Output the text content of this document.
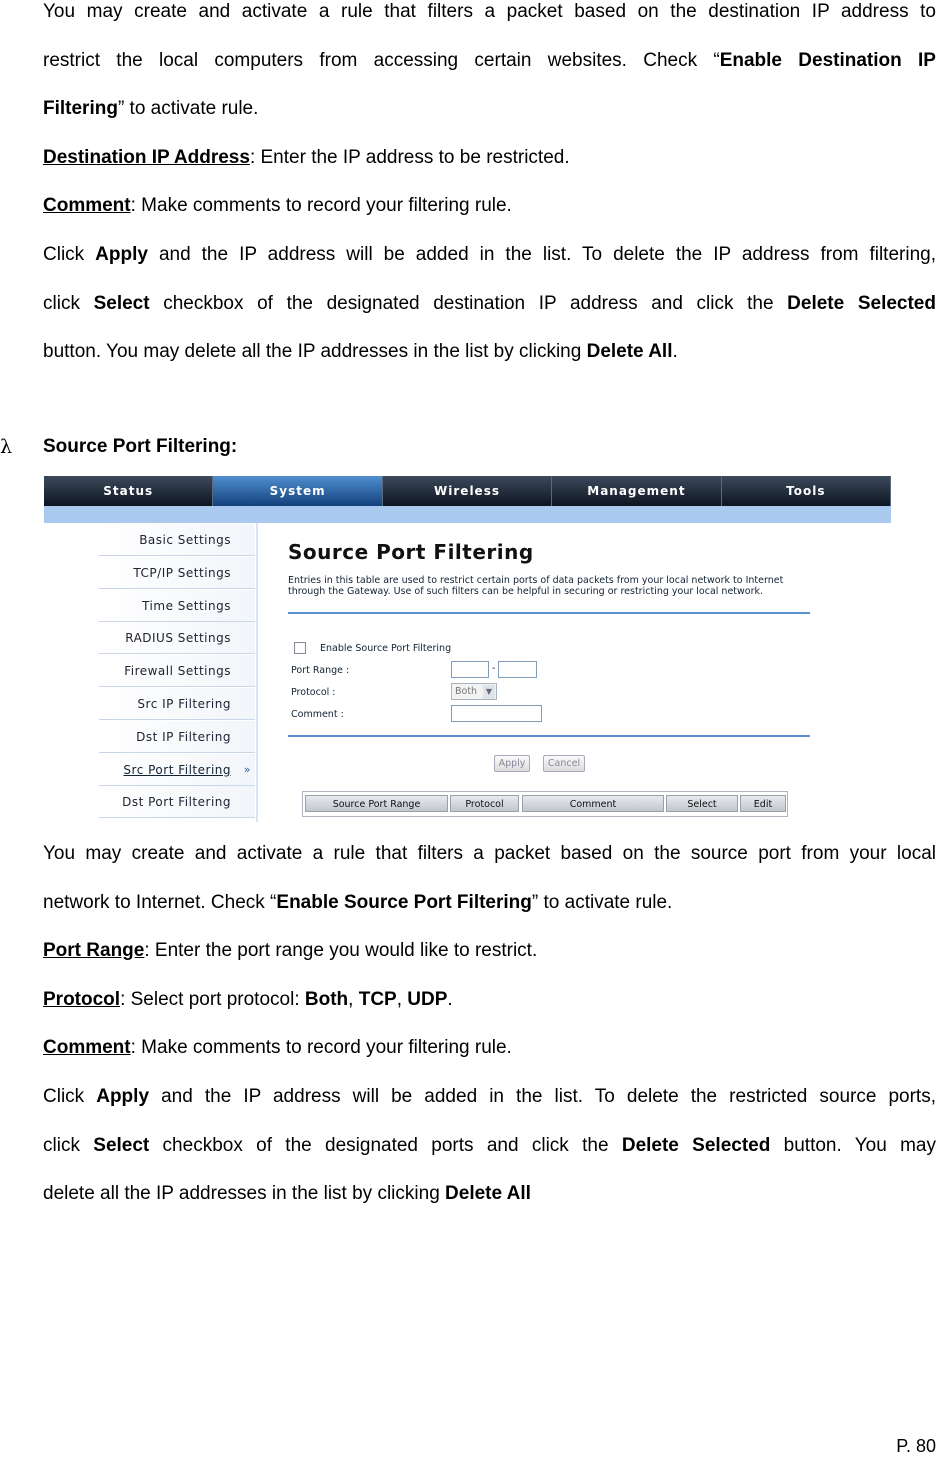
You may create and activate a rule that filters a packet based on the destination IP address to
restrict the local computers from accessing certain websites. Check “Enable Destination IP
Filtering” to activate rule.
Destination IP Address: Enter the IP address to be restricted.
Comment: Make comments to record your filtering rule.
Click Apply and the IP address will be added in the list. To delete the IP address from filtering,
click Select checkbox of the designated destination IP address and click the Delete Selected
button. You may delete all the IP addresses in the list by clicking Delete All.
λ Source Port Filtering:
Status	System	Wireless	Management	Tools
Basic Settings
TCP/IP Settings
Time Settings
RADIUS Settings
Firewall Settings
Src IP Filtering
Dst IP Filtering
Src Port Filtering »
Dst Port Filtering
Source Port Filtering
Entries in this table are used to restrict certain ports of data packets from your local network to Internet through the Gateway. Use of such filters can be helpful in securing or restricting your local network.
Enable Source Port Filtering
Port Range :	-
Protocol :	Both	▼
Comment :
Apply	Cancel
Source Port Range	Protocol	Comment	Select	Edit
You may create and activate a rule that filters a packet based on the source port from your local
network to Internet. Check “Enable Source Port Filtering” to activate rule.
Port Range: Enter the port range you would like to restrict.
Protocol: Select port protocol: Both, TCP, UDP.
Comment: Make comments to record your filtering rule.
Click Apply and the IP address will be added in the list. To delete the restricted source ports,
click Select checkbox of the designated ports and click the Delete Selected button. You may
delete all the IP addresses in the list by clicking Delete All
P. 80
